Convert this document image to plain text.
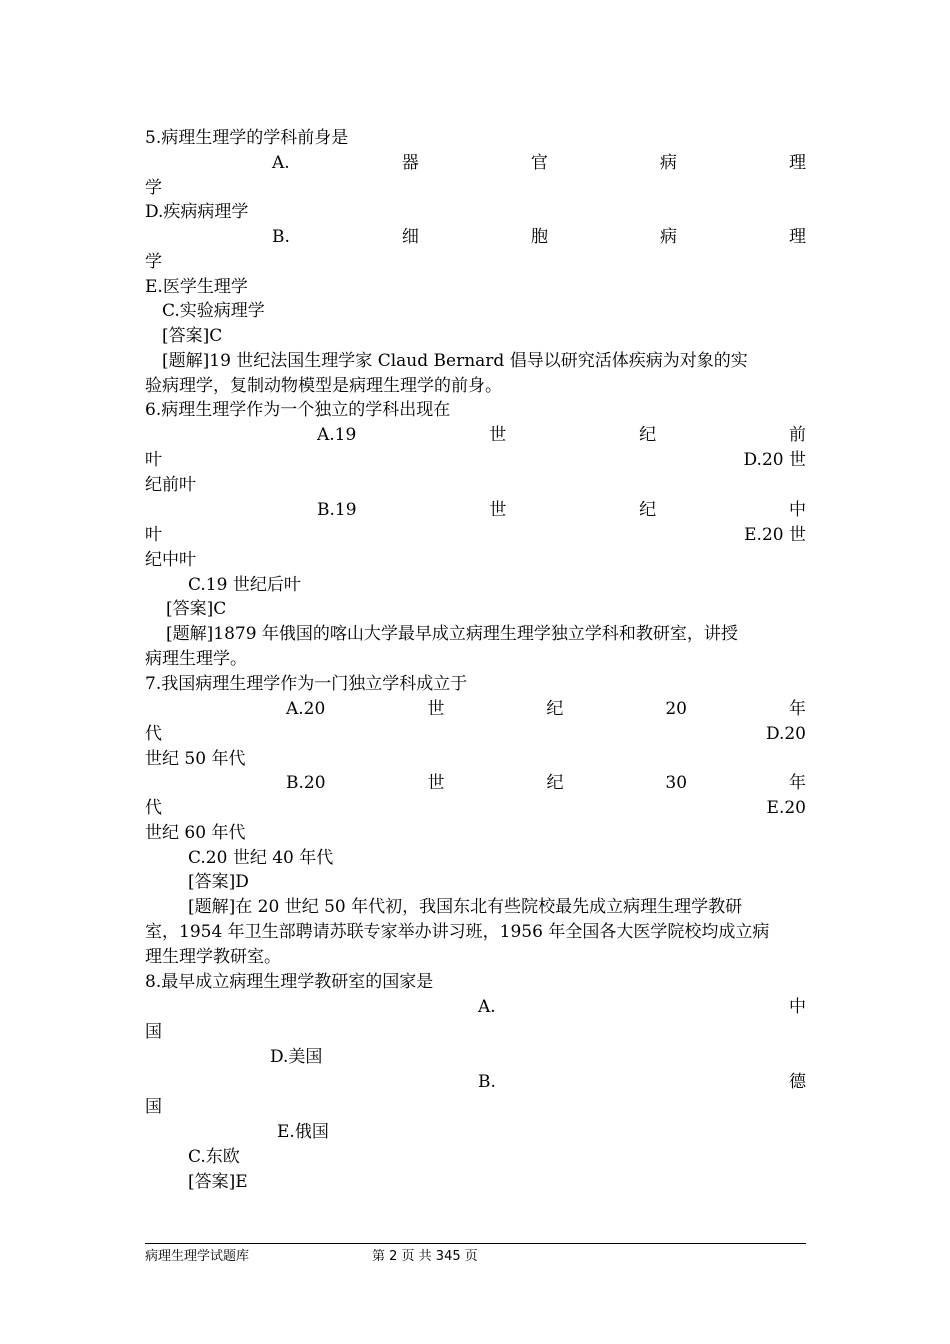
5.病理生理学的学科前身是
A.	器	官	病	理
学
D.疾病病理学
B.	细	胞	病	理
学
E.医学生理学
C.实验病理学
[答案]C
[题解]19 世纪法国生理学家 Claud Bernard 倡导以研究活体疾病为对象的实
验病理学，复制动物模型是病理生理学的前身。
6.病理生理学作为一个独立的学科出现在
A.19	世	纪	前
叶	D.20 世
纪前叶
B.19	世	纪	中
叶	E.20 世
纪中叶
C.19 世纪后叶
[答案]C
[题解]1879 年俄国的喀山大学最早成立病理生理学独立学科和教研室，讲授
病理生理学。
7.我国病理生理学作为一门独立学科成立于
A.20	世	纪	20	年
代	D.20
世纪 50 年代
B.20	世	纪	30	年
代	E.20
世纪 60 年代
C.20 世纪 40 年代
[答案]D
[题解]在 20 世纪 50 年代初，我国东北有些院校最先成立病理生理学教研
室，1954 年卫生部聘请苏联专家举办讲习班，1956 年全国各大医学院校均成立病
理生理学教研室。
8.最早成立病理生理学教研室的国家是
A.	中
国
D.美国
B.	德
国
E.俄国
C.东欧
[答案]E
病理生理学试题库	第 2 页 共 345 页
